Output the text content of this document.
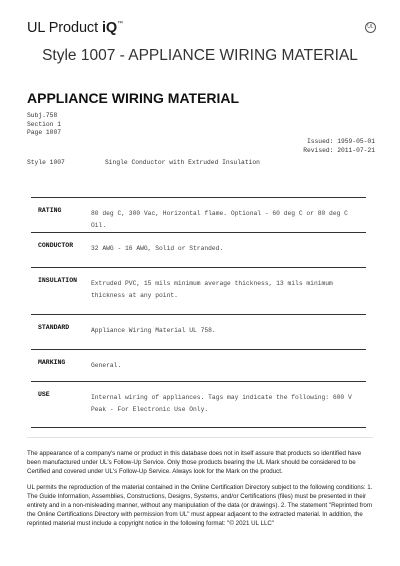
UL Product iQ™	UL
Style 1007 - APPLIANCE WIRING MATERIAL
APPLIANCE WIRING MATERIAL
Subj.758
Section 1
Page 1007
Issued: 1959-05-01
Revised: 2011-07-21
Style 1007	Single Conductor with Extruded Insulation
RATING	80 deg C, 300 Vac, Horizontal flame. Optional - 60 deg C or 80 deg C Oil.
CONDUCTOR	32 AWG - 16 AWG, Solid or Stranded.
INSULATION Extruded PVC, 15 mils minimum average thickness, 13 mils minimum thickness at any point.
STANDARD	Appliance Wiring Material UL 758.
MARKING	General.
USE	Internal wiring of appliances. Tags may indicate the following: 600 V Peak - For Electronic Use Only.
The appearance of a company's name or product in this database does not in itself assure that products so identified have been manufactured under UL's Follow-Up Service. Only those products bearing the UL Mark should be considered to be Certified and covered under UL's Follow-Up Service. Always look for the Mark on the product.
UL permits the reproduction of the material contained in the Online Certification Directory subject to the following conditions: 1. The Guide Information, Assemblies, Constructions, Designs, Systems, and/or Certifications (files) must be presented in their entirety and in a non-misleading manner, without any manipulation of the data (or drawings). 2. The statement "Reprinted from the Online Certifications Directory with permission from UL" must appear adjacent to the extracted material. In addition, the reprinted material must include a copyright notice in the following format: "© 2021 UL LLC"
